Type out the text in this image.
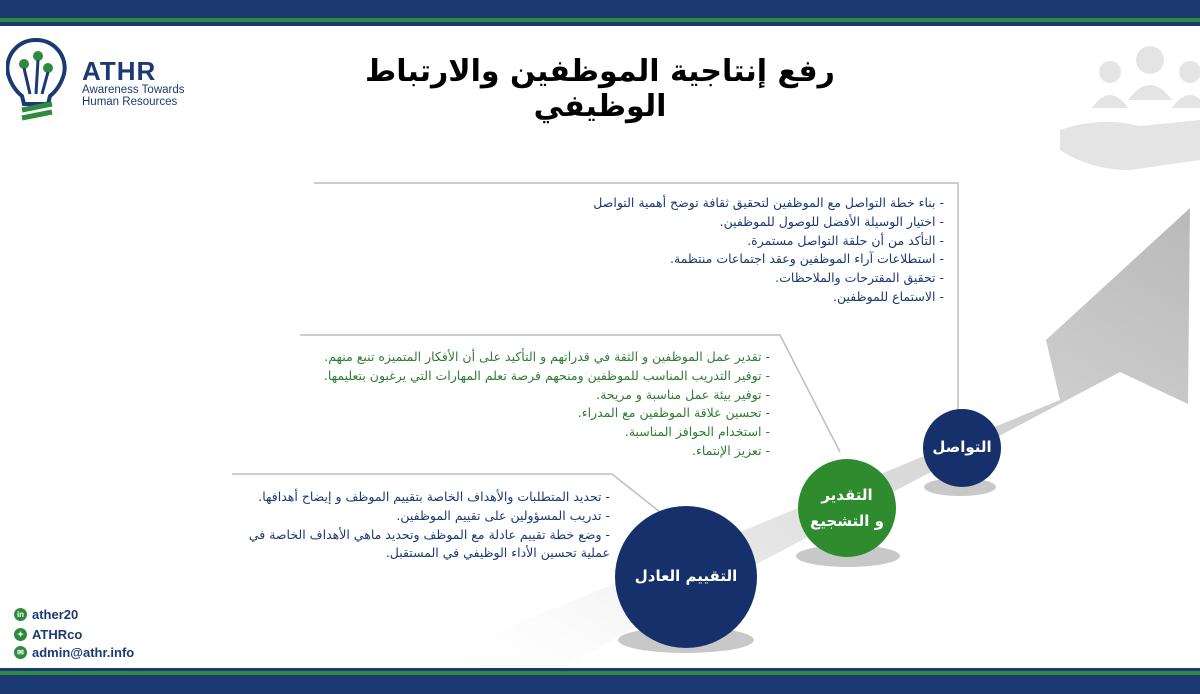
ATHR
Awareness Towards
Human Resources
رفع إنتاجية الموظفين والارتباط الوظيفي
- بناء خطة التواصل مع الموظفين لتحقيق ثقافة توضح أهمية التواصل
- اختيار الوسيلة الأفضل للوصول للموظفين.
- التأكد من أن حلقة التواصل مستمرة.
- استطلاعات آراء الموظفين وعقد اجتماعات منتظمة.
- تحقيق المقترحات والملاحظات.
- الاستماع للموظفين.
- تقدير عمل الموظفين و الثقة في قدراتهم و التأكيد على أن الأفكار المتميزه تنبع منهم.
- توفير التدريب المناسب للموظفين ومنحهم فرصة تعلم المهارات التي يرغبون بتعليمها.
- توفير بيئة عمل مناسبة و مريحة.
- تحسين علاقة الموظفين مع المدراء.
- استخدام الحوافز المناسبة.
- تعزيز الإنتماء.
- تحديد المتطلبات والأهداف الخاصة بتقييم الموظف و إيضاح أهدافها.
- تدريب المسؤولين على تقييم الموظفين.
- وضع خطة تقييم عادلة مع الموظف وتحديد ماهي الأهداف الخاصة في
عملية تحسين الأداء الوظيفي في المستقبل.
التواصل
التقدير
و التشجيع
التقييم العادل
in ather20
✦ ATHRco
✉ admin@athr.info
